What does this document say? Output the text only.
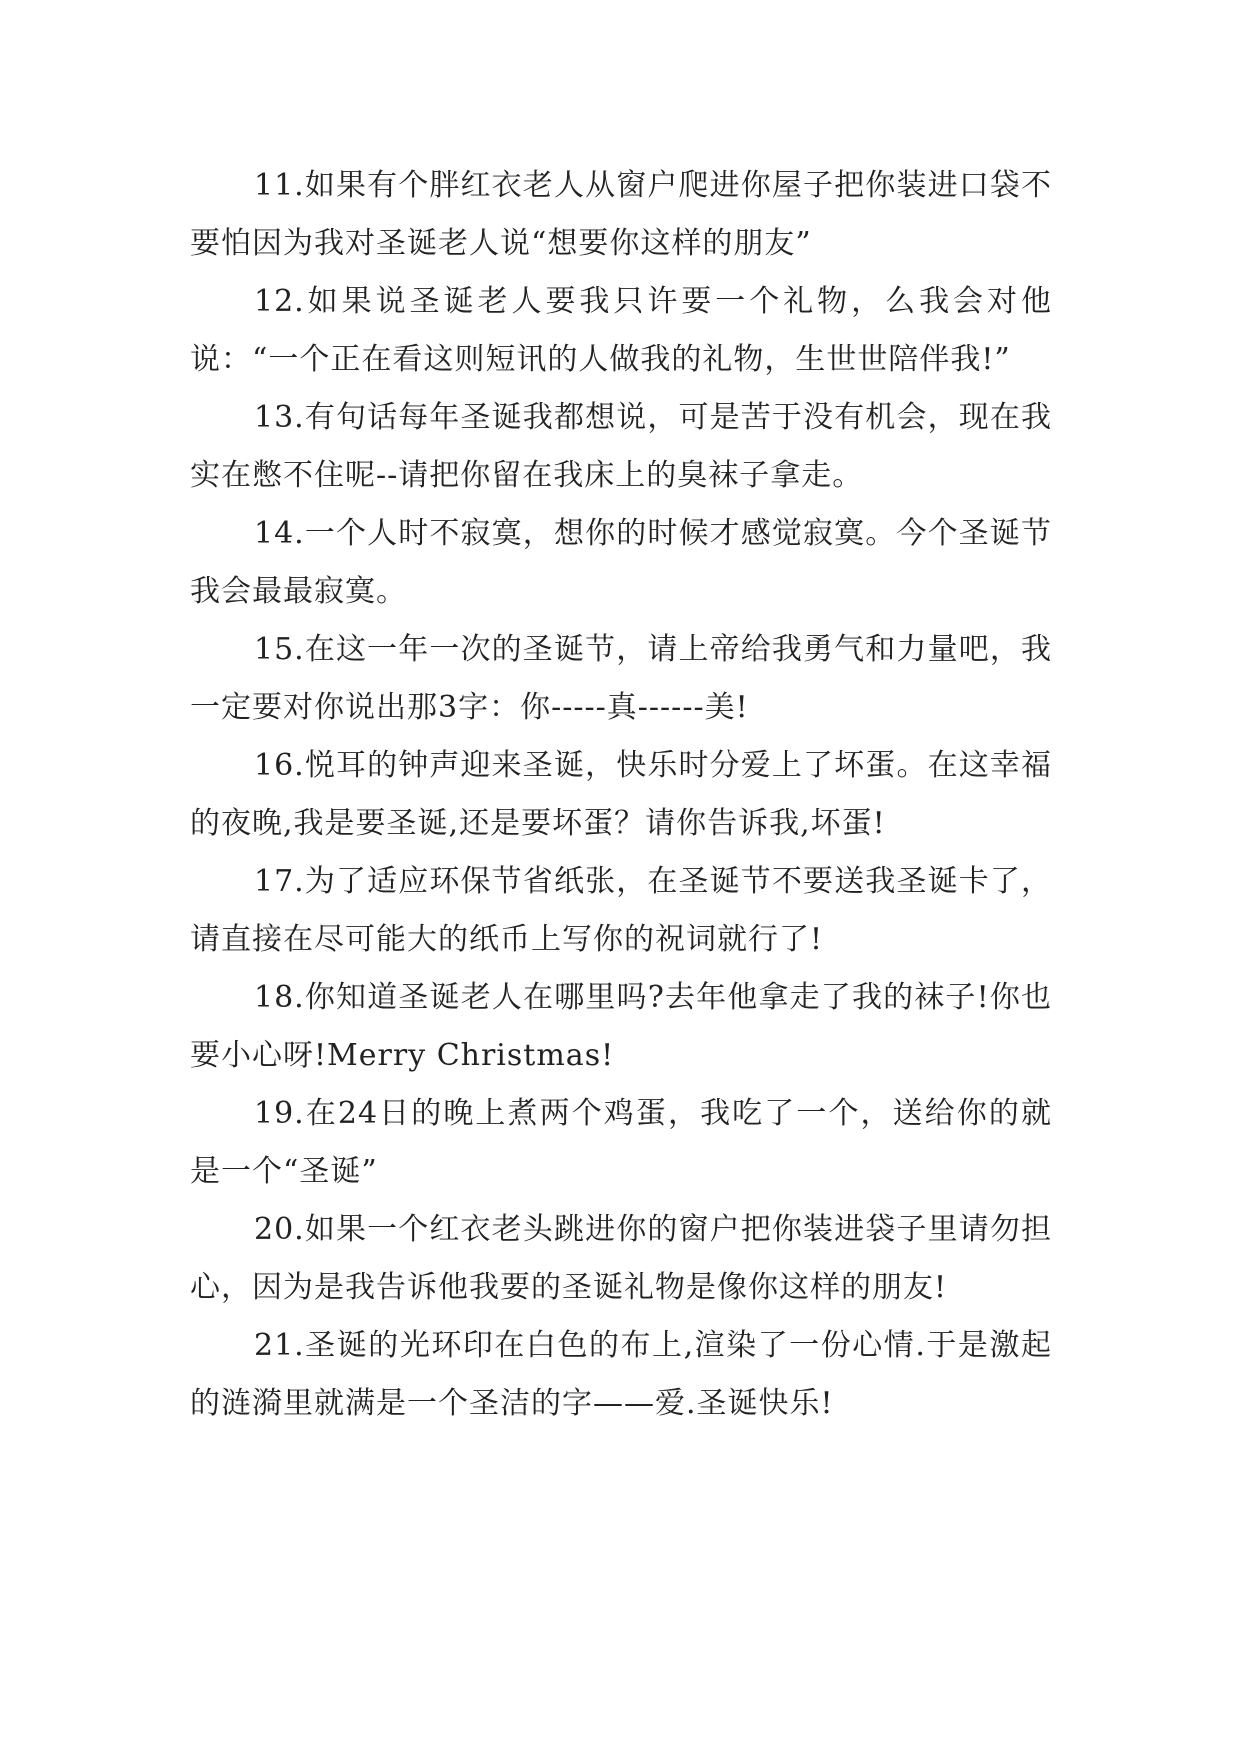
11.如果有个胖红衣老人从窗户爬进你屋子把你装进口袋不要怕因为我对圣诞老人说“想要你这样的朋友”

12.如果说圣诞老人要我只许要一个礼物，么我会对他说：“一个正在看这则短讯的人做我的礼物，生世世陪伴我!”

13.有句话每年圣诞我都想说，可是苦于没有机会，现在我实在憋不住呢--请把你留在我床上的臭袜子拿走。

14.一个人时不寂寞，想你的时候才感觉寂寞。今个圣诞节我会最最寂寞。

15.在这一年一次的圣诞节，请上帝给我勇气和力量吧，我一定要对你说出那3字：你-----真------美!

16.悦耳的钟声迎来圣诞，快乐时分爱上了坏蛋。在这幸福的夜晚,我是要圣诞,还是要坏蛋？请你告诉我,坏蛋!

17.为了适应环保节省纸张，在圣诞节不要送我圣诞卡了，请直接在尽可能大的纸币上写你的祝词就行了!

18.你知道圣诞老人在哪里吗?去年他拿走了我的袜子!你也要小心呀!Merry Christmas!

19.在24日的晚上煮两个鸡蛋，我吃了一个，送给你的就是一个“圣诞”

20.如果一个红衣老头跳进你的窗户把你装进袋子里请勿担心，因为是我告诉他我要的圣诞礼物是像你这样的朋友!

21.圣诞的光环印在白色的布上,渲染了一份心情.于是激起的涟漪里就满是一个圣洁的字——爱.圣诞快乐!
